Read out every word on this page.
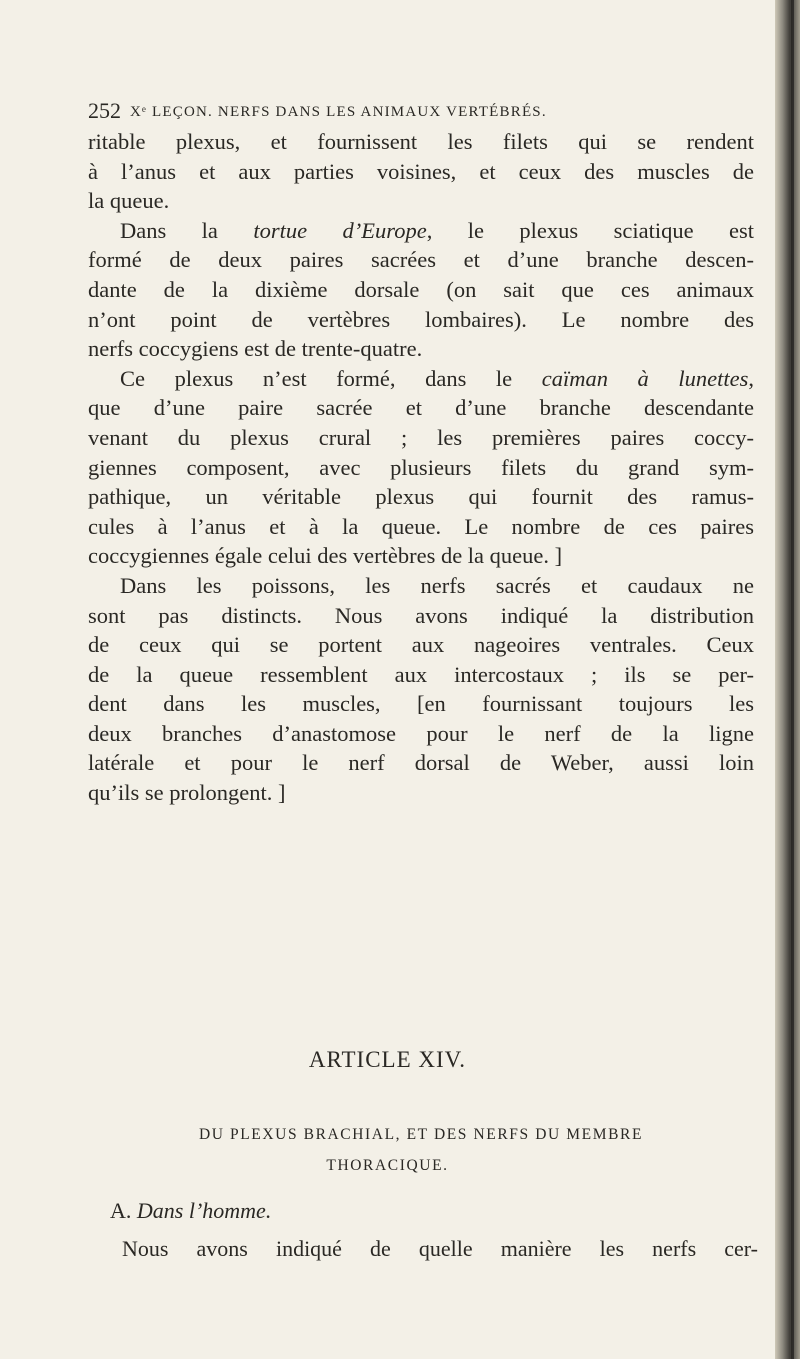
252 Xᵉ LEÇON. NERFS DANS LES ANIMAUX VERTÉBRÉS.
ritable plexus, et fournissent les filets qui se rendent
à l’anus et aux parties voisines, et ceux des muscles de
la queue.
Dans la tortue d’Europe, le plexus sciatique est
formé de deux paires sacrées et d’une branche descen-
dante de la dixième dorsale (on sait que ces animaux
n’ont point de vertèbres lombaires). Le nombre des
nerfs coccygiens est de trente-quatre.
Ce plexus n’est formé, dans le caïman à lunettes,
que d’une paire sacrée et d’une branche descendante
venant du plexus crural ; les premières paires coccy-
giennes composent, avec plusieurs filets du grand sym-
pathique, un véritable plexus qui fournit des ramus-
cules à l’anus et à la queue. Le nombre de ces paires
coccygiennes égale celui des vertèbres de la queue. ]
Dans les poissons, les nerfs sacrés et caudaux ne
sont pas distincts. Nous avons indiqué la distribution
de ceux qui se portent aux nageoires ventrales. Ceux
de la queue ressemblent aux intercostaux ; ils se per-
dent dans les muscles, [en fournissant toujours les
deux branches d’anastomose pour le nerf de la ligne
latérale et pour le nerf dorsal de Weber, aussi loin
qu’ils se prolongent. ]
ARTICLE XIV.
DU PLEXUS BRACHIAL, ET DES NERFS DU MEMBRE
THORACIQUE.
A. Dans l’homme.
Nous avons indiqué de quelle manière les nerfs cer-
